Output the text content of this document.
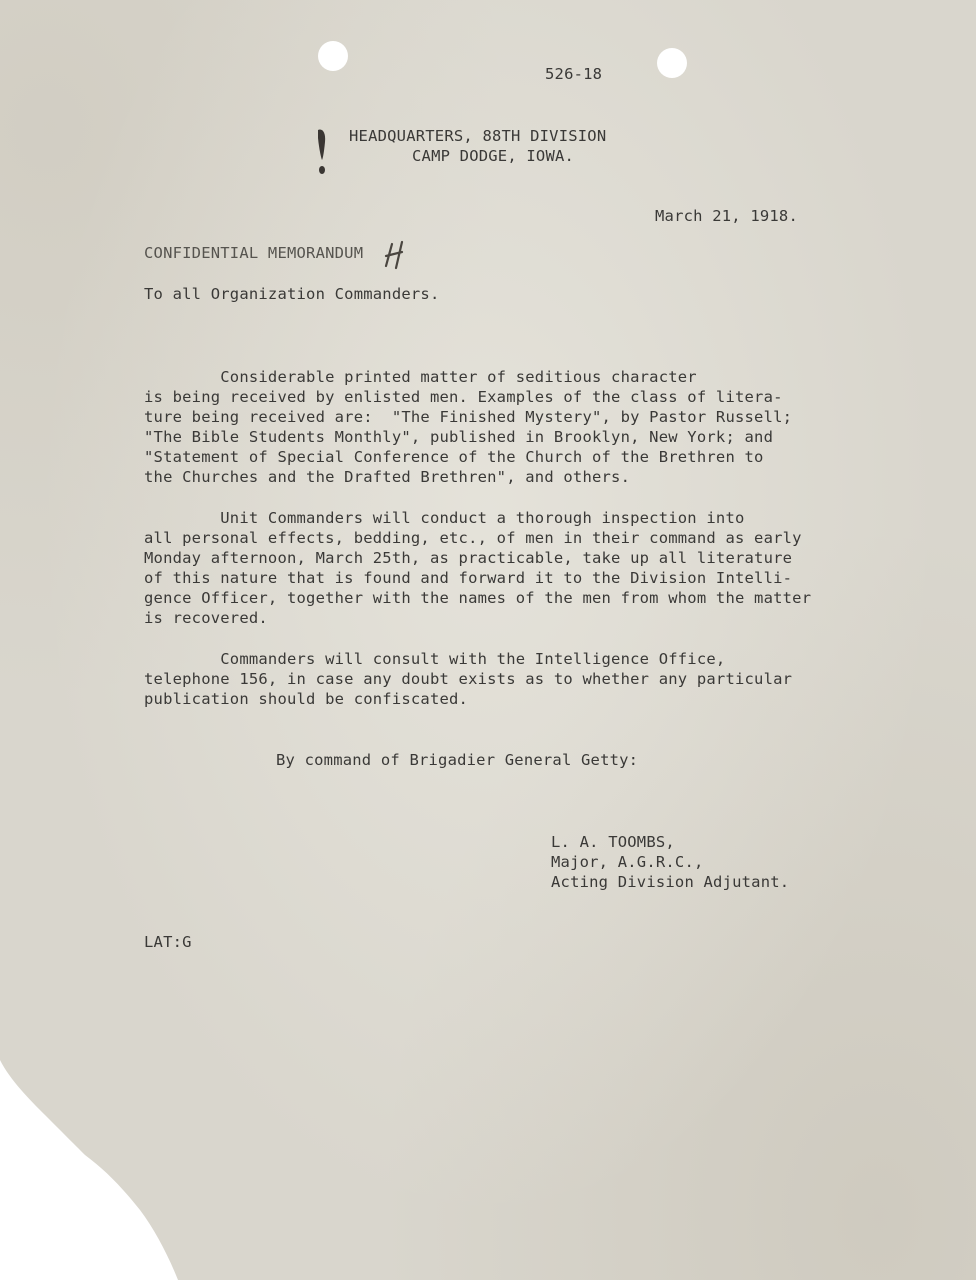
526-18
HEADQUARTERS, 88TH DIVISION
CAMP DODGE, IOWA.
March 21, 1918.
CONFIDENTIAL MEMORANDUM
To all Organization Commanders.
Considerable printed matter of seditious character
is being received by enlisted men. Examples of the class of litera-
ture being received are:  "The Finished Mystery", by Pastor Russell;
"The Bible Students Monthly", published in Brooklyn, New York; and
"Statement of Special Conference of the Church of the Brethren to
the Churches and the Drafted Brethren", and others.
Unit Commanders will conduct a thorough inspection into
all personal effects, bedding, etc., of men in their command as early
Monday afternoon, March 25th, as practicable, take up all literature
of this nature that is found and forward it to the Division Intelli-
gence Officer, together with the names of the men from whom the matter
is recovered.
Commanders will consult with the Intelligence Office,
telephone 156, in case any doubt exists as to whether any particular
publication should be confiscated.
By command of Brigadier General Getty:
L. A. TOOMBS,
Major, A.G.R.C.,
Acting Division Adjutant.
LAT:G
